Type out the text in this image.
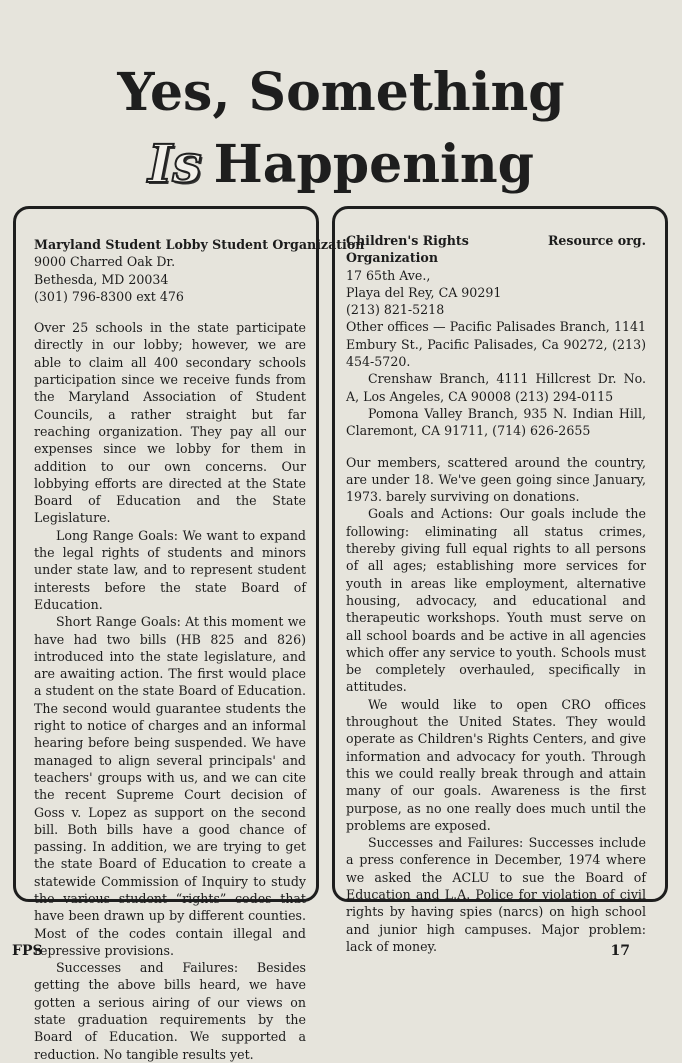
Yes, Something
Is Happening
Maryland Student Lobby Student Organization
9000 Charred Oak Dr.
Bethesda, MD 20034
(301) 796-8300 ext 476

Over 25 schools in the state participate directly in our lobby; however, we are able to claim all 400 secondary schools participation since we receive funds from the Maryland Association of Student Councils, a rather straight but far reaching organization. They pay all our expenses since we lobby for them in addition to our own concerns. Our lobbying efforts are directed at the State Board of Education and the State Legislature.

Long Range Goals: We want to expand the legal rights of students and minors under state law, and to represent student interests before the state Board of Education.

Short Range Goals: At this moment we have had two bills (HB 825 and 826) introduced into the state legislature, and are awaiting action. The first would place a student on the state Board of Education. The second would guarantee students the right to notice of charges and an informal hearing before being suspended. We have managed to align several principals' and teachers' groups with us, and we can cite the recent Supreme Court decision of Goss v. Lopez as support on the second bill. Both bills have a good chance of passing. In addition, we are trying to get the state Board of Education to create a statewide Commission of Inquiry to study the various student “rights” codes that have been drawn up by different counties. Most of the codes contain illegal and repressive provisions.

Successes and Failures: Besides getting the above bills heard, we have gotten a serious airing of our views on state graduation requirements by the Board of Education. We supported a reduction. No tangible results yet.

Children's Rights	Resource org.
Organization
17 65th Ave.,
Playa del Rey, CA 90291
(213) 821-5218

Other offices — Pacific Palisades Branch, 1141 Embury St., Pacific Palisades, Ca 90272, (213) 454-5720.

Crenshaw Branch, 4111 Hillcrest Dr. No. A, Los Angeles, CA 90008 (213) 294-0115

Pomona Valley Branch, 935 N. Indian Hill, Claremont, CA 91711, (714) 626-2655

Our members, scattered around the country, are under 18. We've geen going since January, 1973. barely surviving on donations.

Goals and Actions: Our goals include the following: eliminating all status crimes, thereby giving full equal rights to all persons of all ages; establishing more services for youth in areas like employment, alternative housing, advocacy, and educational and therapeutic workshops. Youth must serve on all school boards and be active in all agencies which offer any service to youth. Schools must be completely overhauled, specifically in attitudes.

We would like to open CRO offices throughout the United States. They would operate as Children's Rights Centers, and give information and advocacy for youth. Through this we could really break through and attain many of our goals. Awareness is the first purpose, as no one really does much until the problems are exposed.

Successes and Failures: Successes include a press conference in December, 1974 where we asked the ACLU to sue the Board of Education and L.A. Police for violation of civil rights by having spies (narcs) on high school and junior high campuses. Major problem: lack of money.

FPS	17
